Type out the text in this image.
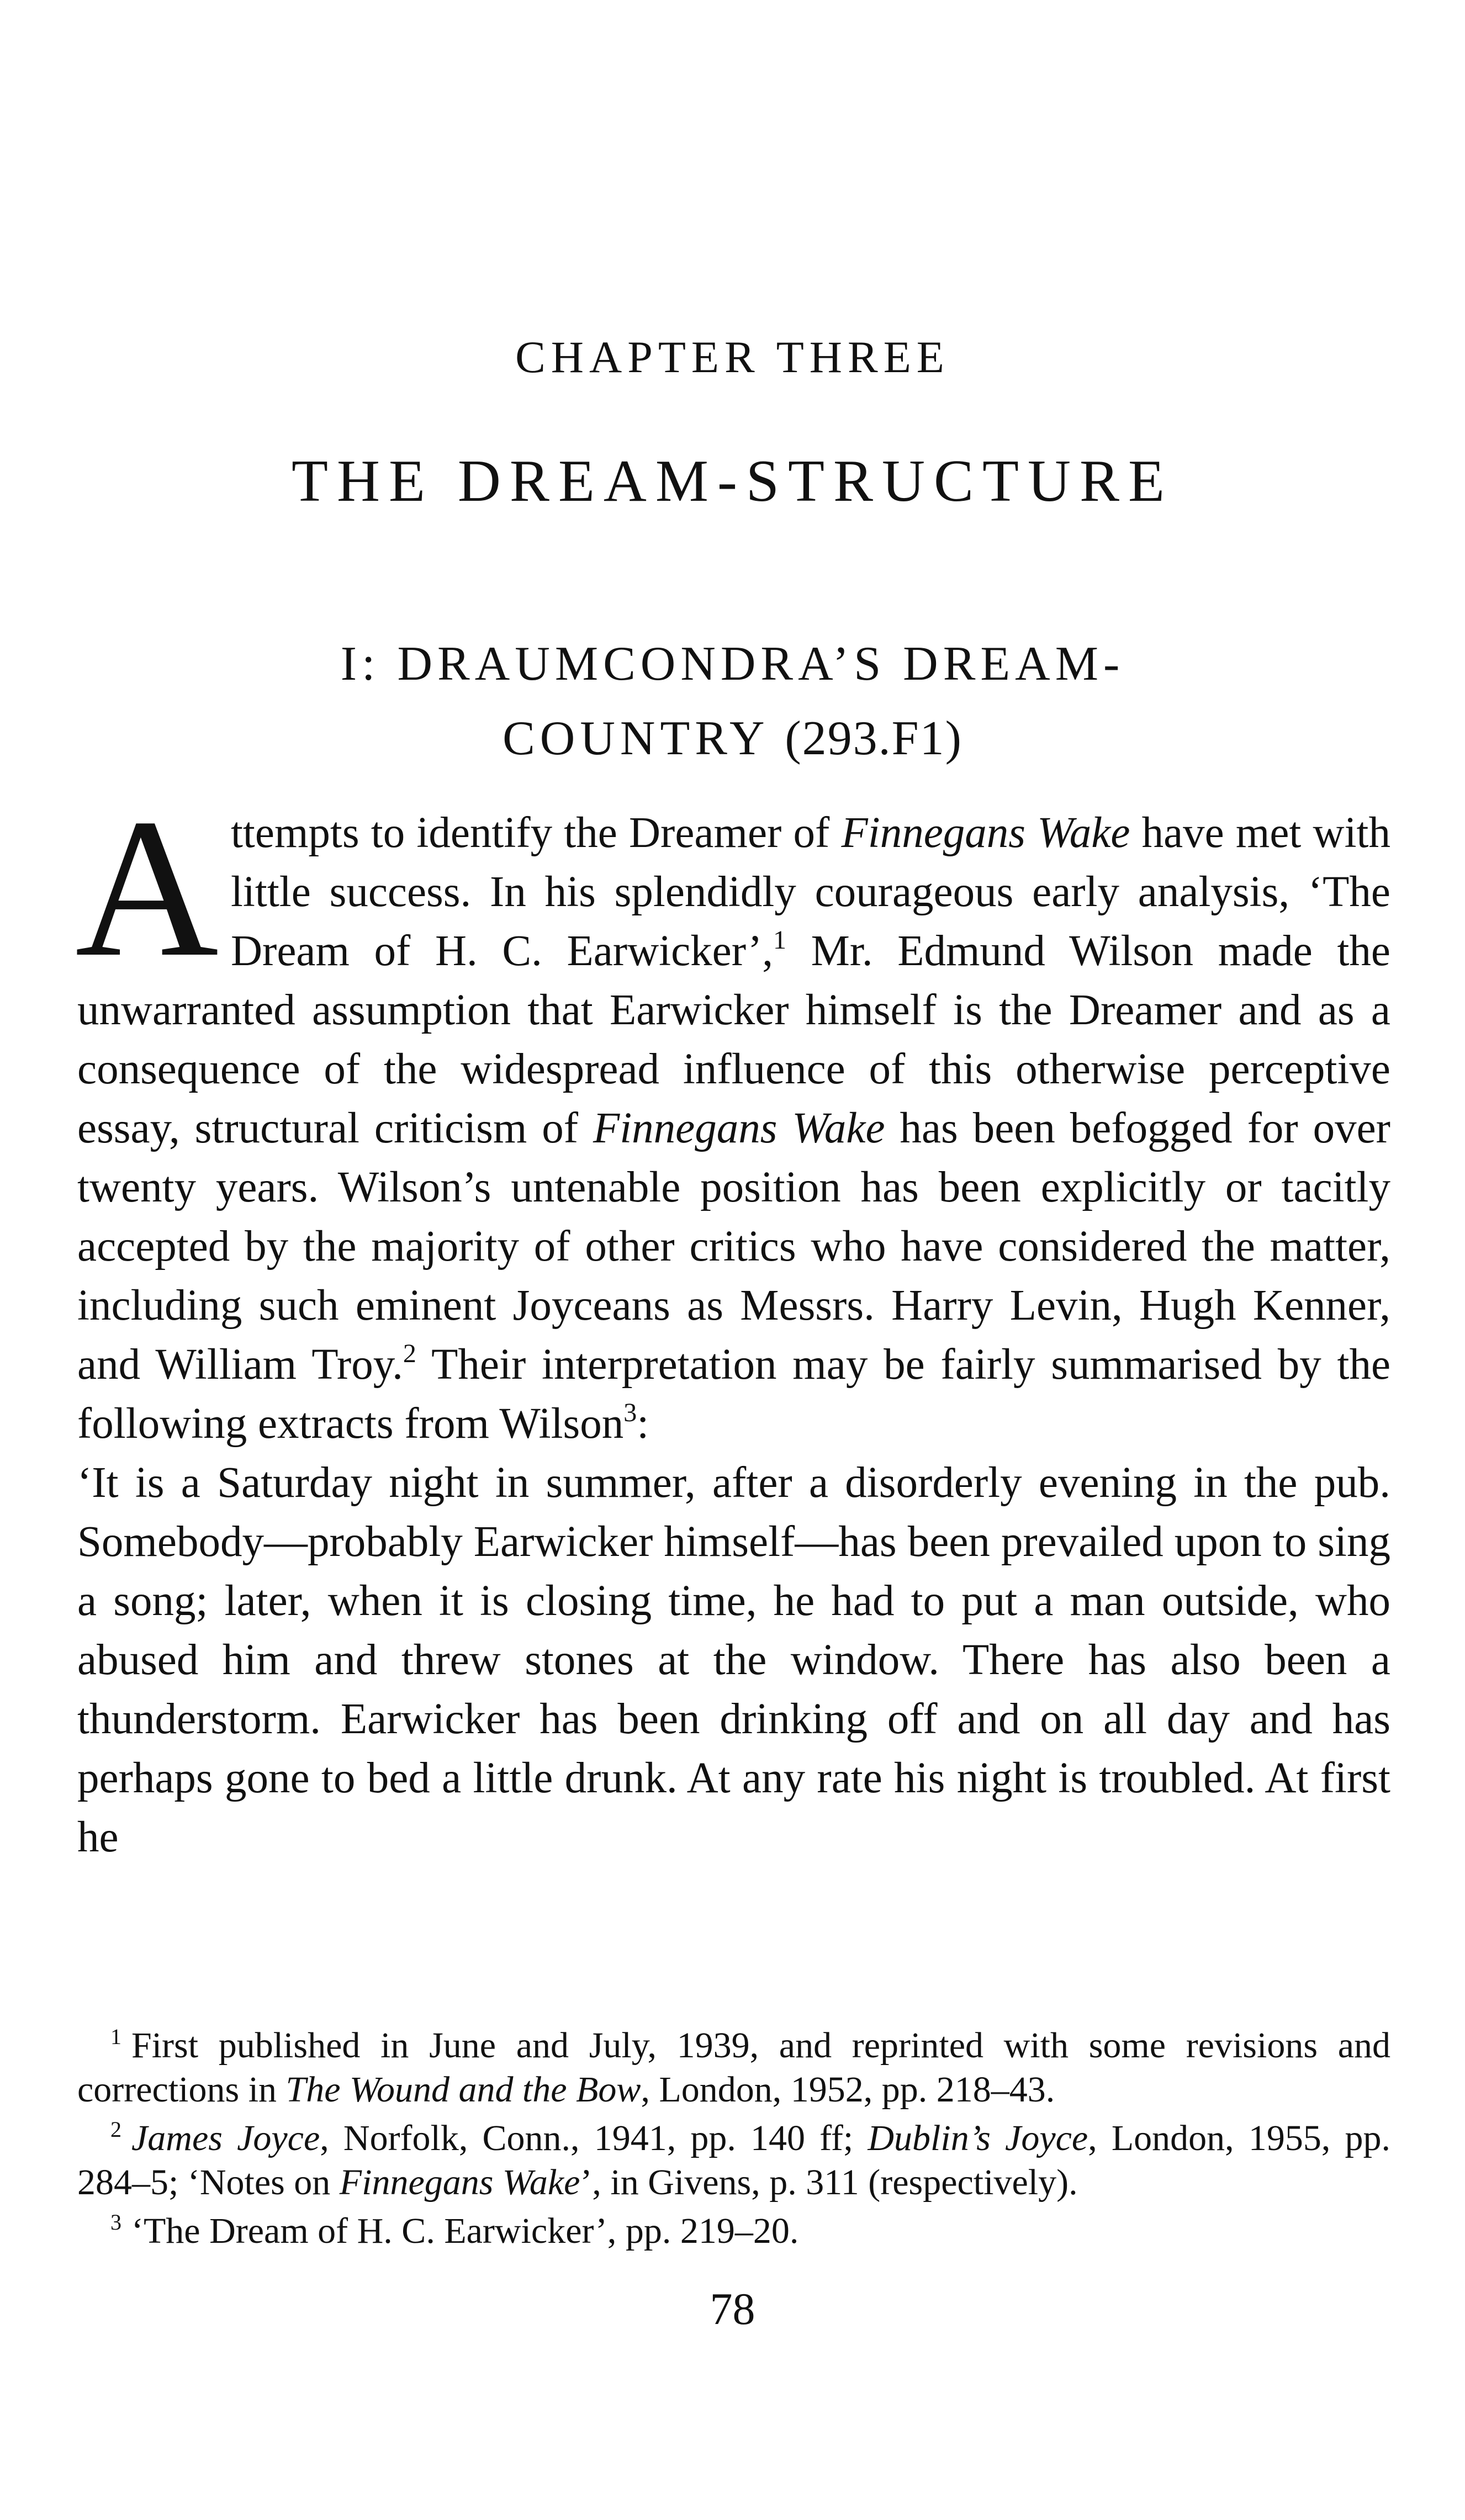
CHAPTER THREE
THE DREAM-STRUCTURE
I: DRAUMCONDRA’S DREAM-
COUNTRY (293.F1)

Attempts to identify the Dreamer of Finnegans Wake have met with little success. In his splendidly courageous early analysis, ‘The Dream of H. C. Earwicker’,$^1$ Mr. Edmund Wilson made the unwarranted assumption that Earwicker himself is the Dreamer and as a consequence of the widespread influence of this otherwise perceptive essay, structural criticism of Finnegans Wake has been befogged for over twenty years. Wilson’s untenable position has been explicitly or tacitly accepted by the majority of other critics who have considered the matter, including such eminent Joyceans as Messrs. Harry Levin, Hugh Kenner, and William Troy.$^2$ Their interpretation may be fairly summarised by the following extracts from Wilson$^3$:

‘It is a Saturday night in summer, after a disorderly evening in the pub. Somebody—probably Earwicker himself—has been prevailed upon to sing a song; later, when it is closing time, he had to put a man outside, who abused him and threw stones at the window. There has also been a thunderstorm. Earwicker has been drinking off and on all day and has perhaps gone to bed a little drunk. At any rate his night is troubled. At first he

$^1$ First published in June and July, 1939, and reprinted with some revisions and corrections in The Wound and the Bow, London, 1952, pp. 218–43.

$^2$ James Joyce, Norfolk, Conn., 1941, pp. 140 ff; Dublin’s Joyce, London, 1955, pp. 284–5; ‘Notes on Finnegans Wake’, in Givens, p. 311 (respectively).

$^3$ ‘The Dream of H. C. Earwicker’, pp. 219–20.

78
